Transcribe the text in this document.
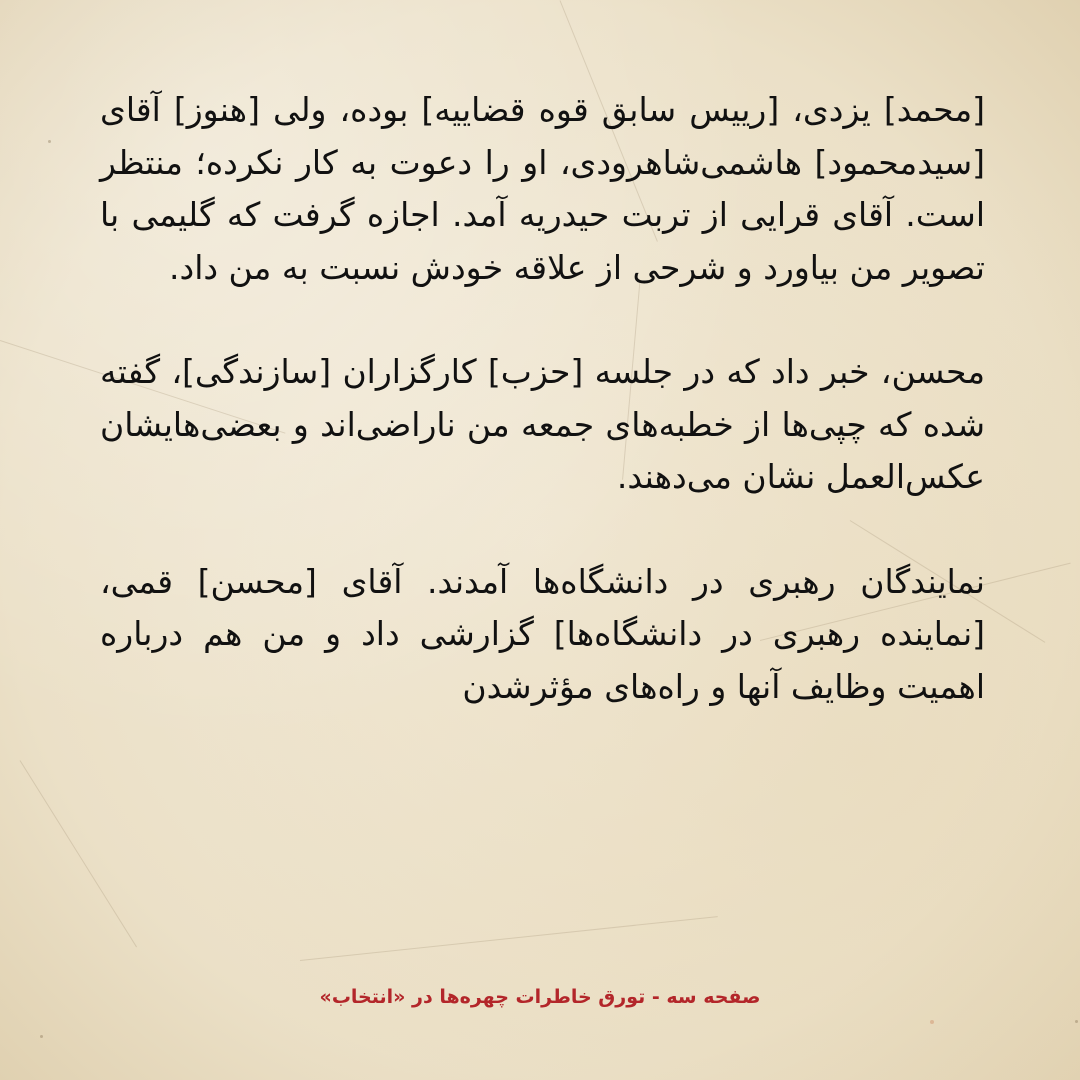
[محمد] یزدی، [رییس سابق قوه قضاییه] بوده، ولی [هنوز] آقای [سیدمحمود] هاشمی‌شاهرودی، او را دعوت به کار نکرده؛ منتظر است. آقای قرایی از تربت حیدریه آمد. اجازه گرفت که گلیمی با تصویر من بیاورد و شرحی از علاقه خودش نسبت به من داد.

محسن، خبر داد که در جلسه [حزب] کارگزاران [سازندگی]، گفته شده که چپی‌ها از خطبه‌های جمعه من ناراضی‌اند و بعضی‌هایشان عکس‌العمل نشان می‌دهند.

نمایندگان رهبری در دانشگاه‌ها آمدند. آقای [محسن] قمی، [نماینده رهبری در دانشگاه‌ها] گزارشی داد و من هم درباره اهمیت وظایف آنها و راه‌های مؤثرشدن

صفحه سه - تورق خاطرات چهره‌ها در «انتخاب»
